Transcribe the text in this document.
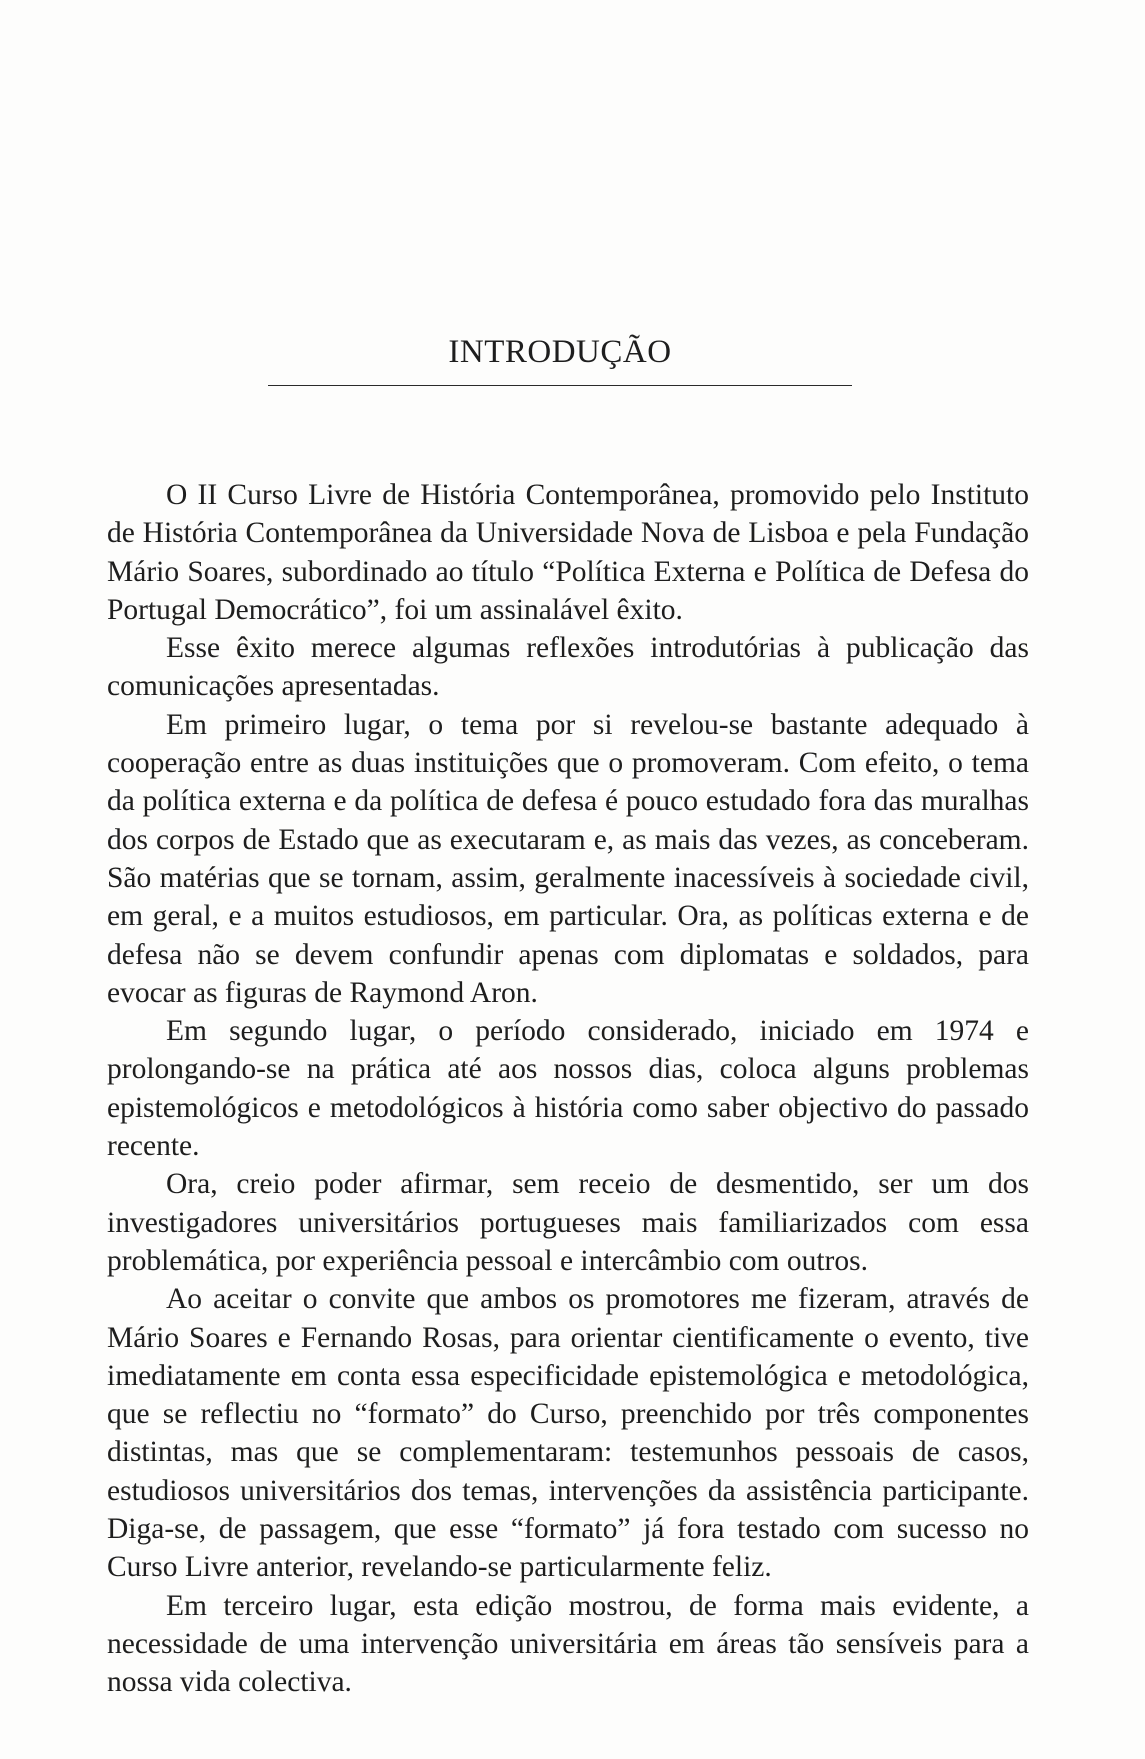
INTRODUÇÃO

O II Curso Livre de História Contemporânea, promovido pelo Instituto de História Contemporânea da Universidade Nova de Lisboa e pela Fundação Mário Soares, subordinado ao título “Política Externa e Política de Defesa do Portugal Democrático”, foi um assinalável êxito.

Esse êxito merece algumas reflexões introdutórias à publicação das comunicações apresentadas.

Em primeiro lugar, o tema por si revelou-se bastante adequado à cooperação entre as duas instituições que o promoveram. Com efeito, o tema da política externa e da política de defesa é pouco estudado fora das muralhas dos corpos de Estado que as executaram e, as mais das vezes, as conceberam. São matérias que se tornam, assim, geralmente inacessíveis à sociedade civil, em geral, e a muitos estudiosos, em particular. Ora, as políticas externa e de defesa não se devem confundir apenas com diplomatas e soldados, para evocar as figuras de Raymond Aron.

Em segundo lugar, o período considerado, iniciado em 1974 e prolongando-se na prática até aos nossos dias, coloca alguns problemas epistemológicos e metodológicos à história como saber objectivo do passado recente.

Ora, creio poder afirmar, sem receio de desmentido, ser um dos investigadores universitários portugueses mais familiarizados com essa problemática, por experiência pessoal e intercâmbio com outros.

Ao aceitar o convite que ambos os promotores me fizeram, através de Mário Soares e Fernando Rosas, para orientar cientificamente o evento, tive imediatamente em conta essa especificidade epistemológica e metodológica, que se reflectiu no “formato” do Curso, preenchido por três componentes distintas, mas que se complementaram: testemunhos pessoais de casos, estudiosos universitários dos temas, intervenções da assistência participante. Diga-se, de passagem, que esse “formato” já fora testado com sucesso no Curso Livre anterior, revelando-se particularmente feliz.

Em terceiro lugar, esta edição mostrou, de forma mais evidente, a necessidade de uma intervenção universitária em áreas tão sensíveis para a nossa vida colectiva.
